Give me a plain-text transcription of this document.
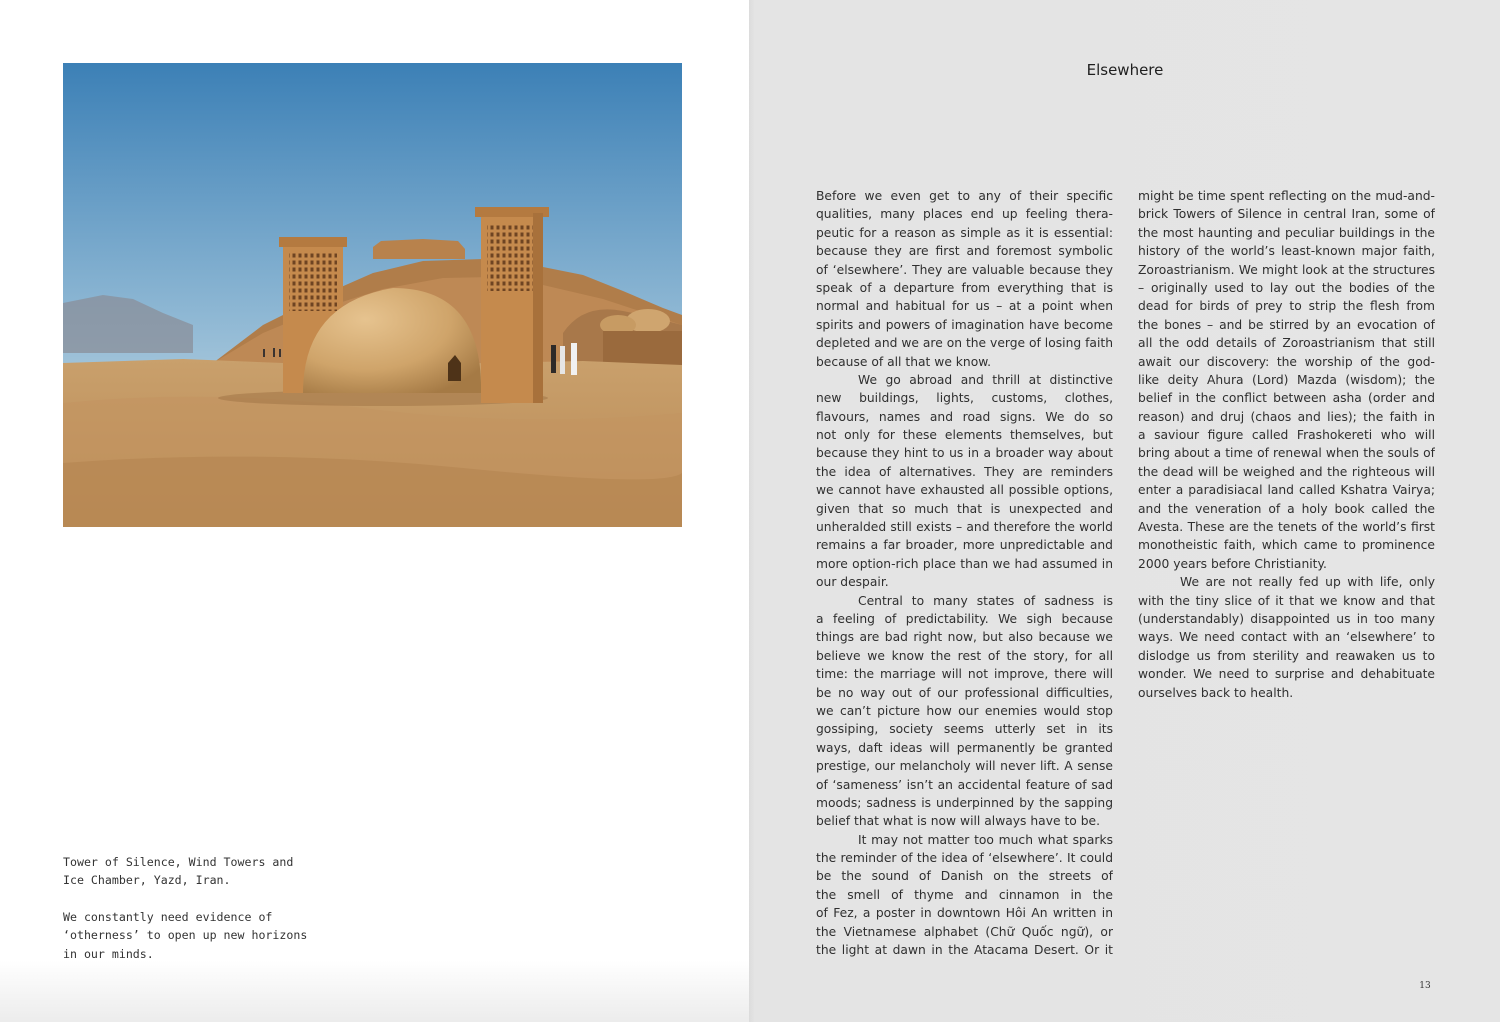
Tower of Silence, Wind Towers and

Ice Chamber, Yazd, Iran.

We constantly need evidence of

‘otherness’ to open up new horizons

in our minds.

Elsewhere
Before we even get to any of their specific
qualities, many places end up feeling thera-
peutic for a reason as simple as it is essential:
because they are first and foremost symbolic
of ‘elsewhere’. They are valuable because they
speak of a departure from everything that is
normal and habitual for us – at a point when
spirits and powers of imagination have become
depleted and we are on the verge of losing faith
because of all that we know.
We go abroad and thrill at distinctive
new buildings, lights, customs, clothes,
flavours, names and road signs. We do so
not only for these elements themselves, but
because they hint to us in a broader way about
the idea of alternatives. They are reminders
we cannot have exhausted all possible options,
given that so much that is unexpected and
unheralded still exists – and therefore the world
remains a far broader, more unpredictable and
more option-rich place than we had assumed in
our despair.
Central to many states of sadness is
a feeling of predictability. We sigh because
things are bad right now, but also because we
believe we know the rest of the story, for all
time: the marriage will not improve, there will
be no way out of our professional difficulties,
we can’t picture how our enemies would stop
gossiping, society seems utterly set in its
ways, daft ideas will permanently be granted
prestige, our melancholy will never lift. A sense
of ‘sameness’ isn’t an accidental feature of sad
moods; sadness is underpinned by the sapping
belief that what is now will always have to be.
It may not matter too much what sparks
the reminder of the idea of ‘elsewhere’. It could
be the sound of Danish on the streets of
the smell of thyme and cinnamon in the
of Fez, a poster in downtown Hôi An written in
the Vietnamese alphabet (Chữ Quốc ngữ), or
the light at dawn in the Atacama Desert. Or it
might be time spent reflecting on the mud-and-
brick Towers of Silence in central Iran, some of
the most haunting and peculiar buildings in the
history of the world’s least-known major faith,
Zoroastrianism. We might look at the structures
– originally used to lay out the bodies of the
dead for birds of prey to strip the flesh from
the bones – and be stirred by an evocation of
all the odd details of Zoroastrianism that still
await our discovery: the worship of the god-
like deity Ahura (Lord) Mazda (wisdom); the
belief in the conflict between asha (order and
reason) and druj (chaos and lies); the faith in
a saviour figure called Frashokereti who will
bring about a time of renewal when the souls of
the dead will be weighed and the righteous will
enter a paradisiacal land called Kshatra Vairya;
and the veneration of a holy book called the
Avesta. These are the tenets of the world’s first
monotheistic faith, which came to prominence
2000 years before Christianity.
We are not really fed up with life, only
with the tiny slice of it that we know and that
(understandably) disappointed us in too many
ways. We need contact with an ‘elsewhere’ to
dislodge us from sterility and reawaken us to
wonder. We need to surprise and dehabituate
ourselves back to health.
13
